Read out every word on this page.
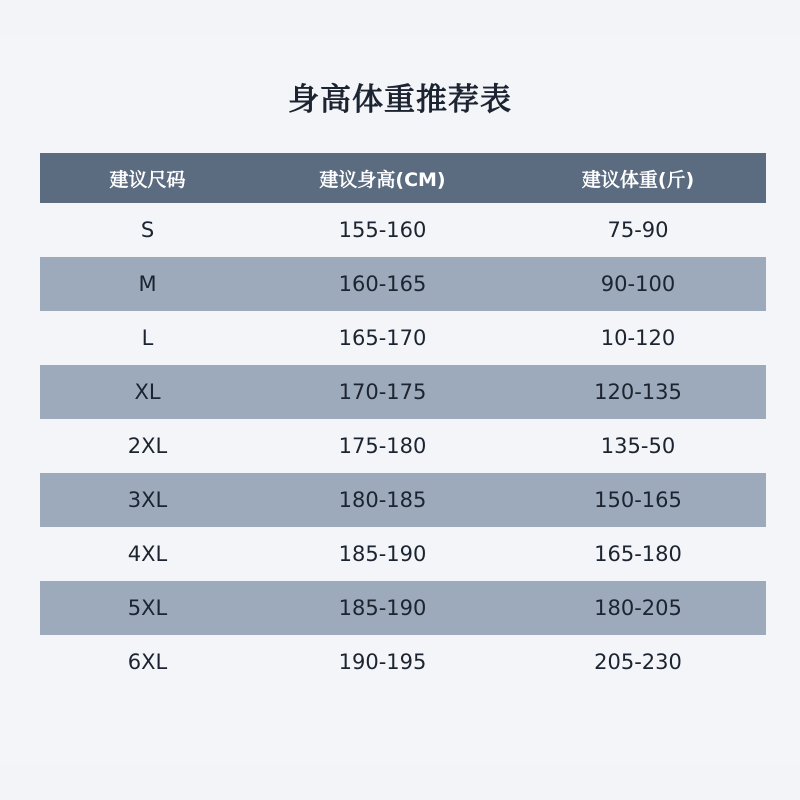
身高体重推荐表
建议尺码	建议身高(CM)	建议体重(斤)
S	155-160	75-90
M	160-165	90-100
L	165-170	10-120
XL	170-175	120-135
2XL	175-180	135-50
3XL	180-185	150-165
4XL	185-190	165-180
5XL	185-190	180-205
6XL	190-195	205-230
